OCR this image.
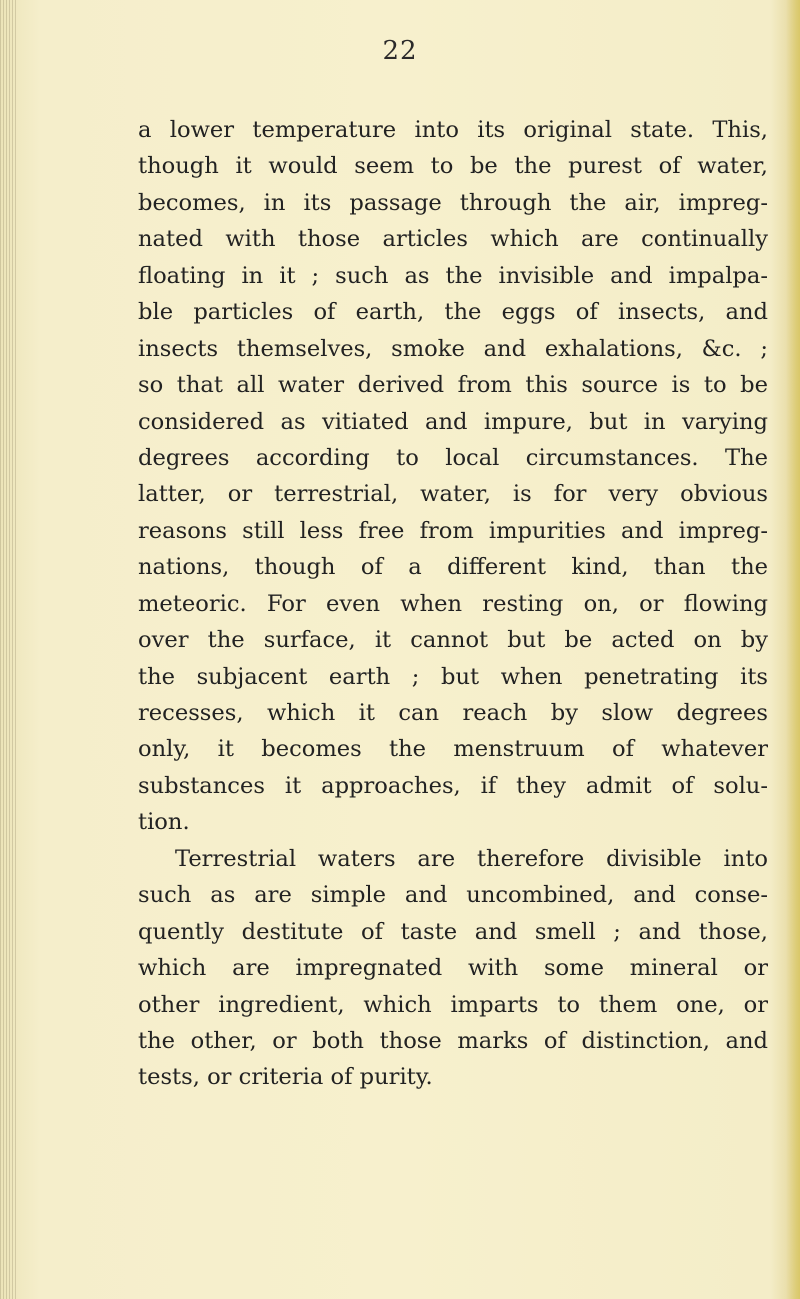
22
a lower temperature into its original state. This,
though it would seem to be the purest of water,
becomes, in its passage through the air, impreg-
nated with those articles which are continually
floating in it ; such as the invisible and impalpa-
ble particles of earth, the eggs of insects, and
insects themselves, smoke and exhalations, &c. ;
so that all water derived from this source is to be
considered as vitiated and impure, but in varying
degrees according to local circumstances. The
latter, or terrestrial, water, is for very obvious
reasons still less free from impurities and impreg-
nations, though of a different kind, than the
meteoric. For even when resting on, or flowing
over the surface, it cannot but be acted on by
the subjacent earth ; but when penetrating its
recesses, which it can reach by slow degrees
only, it becomes the menstruum of whatever
substances it approaches, if they admit of solu-
tion.
Terrestrial waters are therefore divisible into
such as are simple and uncombined, and conse-
quently destitute of taste and smell ; and those,
which are impregnated with some mineral or
other ingredient, which imparts to them one, or
the other, or both those marks of distinction, and
tests, or criteria of purity.
